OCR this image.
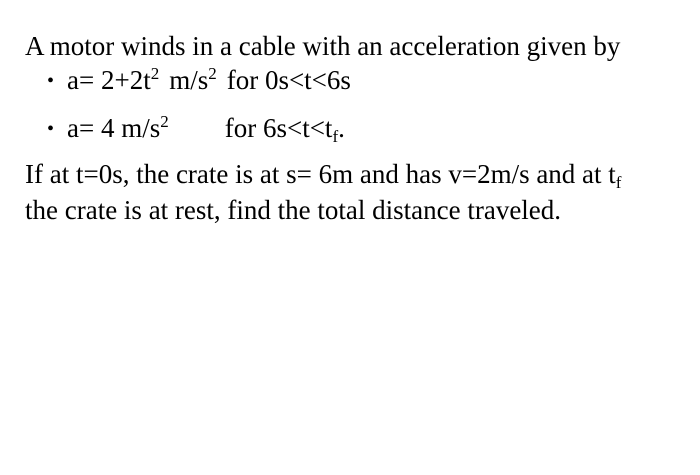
A motor winds in a cable with an acceleration given by
• $a= 2+2t^2$ $m/s^2$ for 0s<t<6s
• a= 4 $m/s^2$ for $6s<t<t_f$.
If at t=0s, the crate is at s= 6m and has v=2m/s and at $t_f$
the crate is at rest, find the total distance traveled.
